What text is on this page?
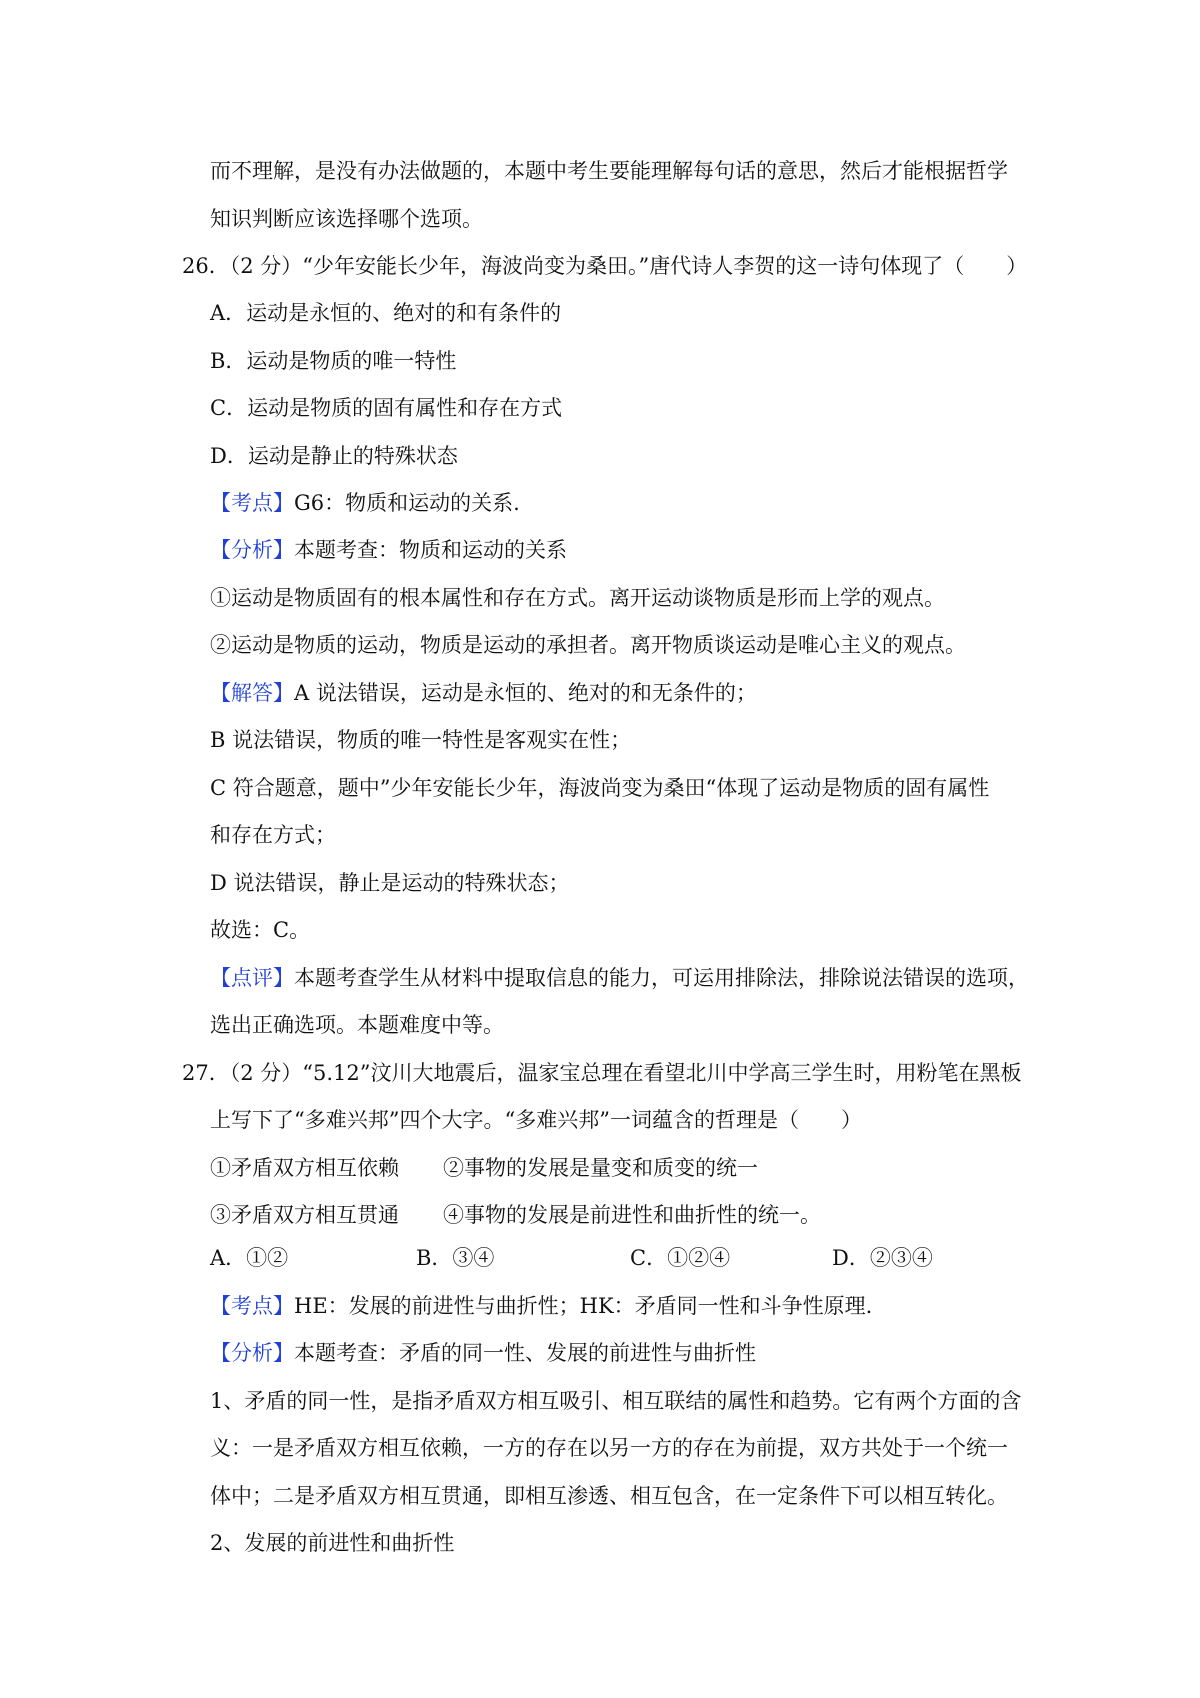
而不理解，是没有办法做题的，本题中考生要能理解每句话的意思，然后才能根据哲学
知识判断应该选择哪个选项。
26．（2 分）“少年安能长少年，海波尚变为桑田。”唐代诗人李贺的这一诗句体现了（　　）
A．运动是永恒的、绝对的和有条件的
B．运动是物质的唯一特性
C．运动是物质的固有属性和存在方式
D．运动是静止的特殊状态
【考点】G6：物质和运动的关系.
【分析】本题考查：物质和运动的关系
①运动是物质固有的根本属性和存在方式。离开运动谈物质是形而上学的观点。
②运动是物质的运动，物质是运动的承担者。离开物质谈运动是唯心主义的观点。
【解答】A 说法错误，运动是永恒的、绝对的和无条件的；
B 说法错误，物质的唯一特性是客观实在性；
C 符合题意，题中”少年安能长少年，海波尚变为桑田“体现了运动是物质的固有属性
和存在方式；
D 说法错误，静止是运动的特殊状态；
故选：C。
【点评】本题考查学生从材料中提取信息的能力，可运用排除法，排除说法错误的选项，
选出正确选项。本题难度中等。
27．（2 分）“5.12”汶川大地震后，温家宝总理在看望北川中学高三学生时，用粉笔在黑板
上写下了“多难兴邦”四个大字。“多难兴邦”一词蕴含的哲理是（　　）
①矛盾双方相互依赖 ②事物的发展是量变和质变的统一
③矛盾双方相互贯通 ④事物的发展是前进性和曲折性的统一。
A．①②	B．③④	C．①②④	D．②③④
【考点】HE：发展的前进性与曲折性；HK：矛盾同一性和斗争性原理.
【分析】本题考查：矛盾的同一性、发展的前进性与曲折性
1、矛盾的同一性，是指矛盾双方相互吸引、相互联结的属性和趋势。它有两个方面的含
义：一是矛盾双方相互依赖，一方的存在以另一方的存在为前提，双方共处于一个统一
体中；二是矛盾双方相互贯通，即相互渗透、相互包含，在一定条件下可以相互转化。
2、发展的前进性和曲折性
